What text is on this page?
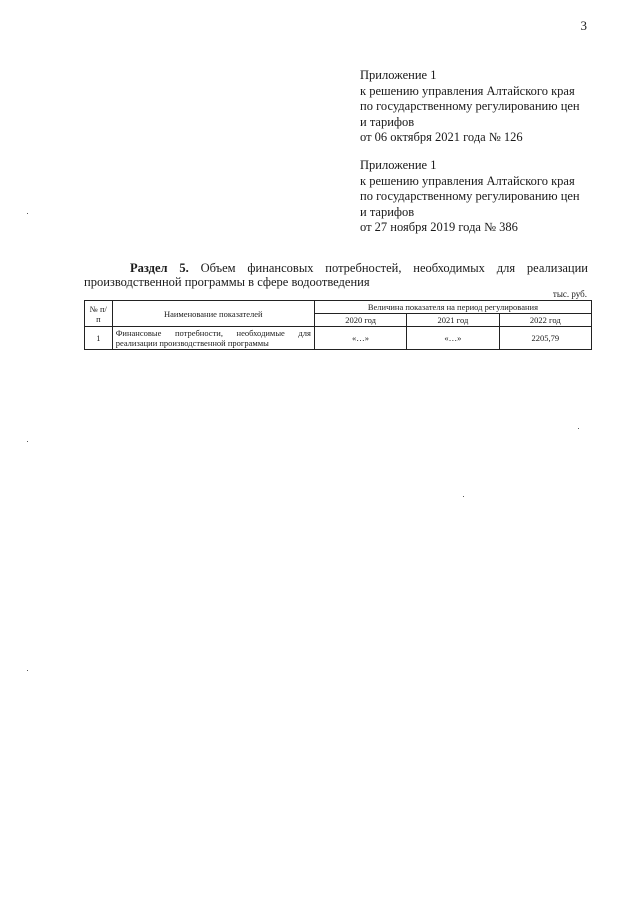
3
Приложение 1
к решению управления Алтайского края
по государственному регулированию цен
и тарифов
от 06 октября 2021 года № 126
Приложение 1
к решению управления Алтайского края
по государственному регулированию цен
и тарифов
от 27 ноября 2019 года № 386
Раздел 5. Объем финансовых потребностей, необходимых для реализации производственной программы в сфере водоотведения
тыс. руб.
№ п/п	Наименование показателей	Величина показателя на период регулирования		
		2020 год	2021 год	2022 год
1	Финансовые потребности, необходимые для реализации производственной программы	«…»	«…»	2205,79
